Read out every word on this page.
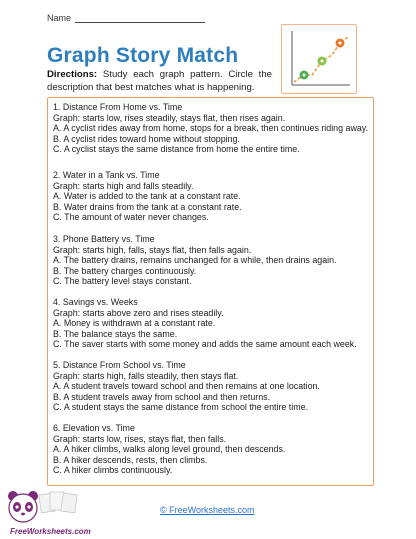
Name
Graph Story Match
Directions: Study each graph pattern. Circle the description that best matches what is happening.
1. Distance From Home vs. Time
Graph: starts low, rises steadily, stays flat, then rises again.
A. A cyclist rides away from home, stops for a break, then continues riding away.
B. A cyclist rides toward home without stopping.
C. A cyclist stays the same distance from home the entire time.
2. Water in a Tank vs. Time
Graph: starts high and falls steadily.
A. Water is added to the tank at a constant rate.
B. Water drains from the tank at a constant rate.
C. The amount of water never changes.
3. Phone Battery vs. Time
Graph: starts high, falls, stays flat, then falls again.
A. The battery drains, remains unchanged for a while, then drains again.
B. The battery charges continuously.
C. The battery level stays constant.
4. Savings vs. Weeks
Graph: starts above zero and rises steadily.
A. Money is withdrawn at a constant rate.
B. The balance stays the same.
C. The saver starts with some money and adds the same amount each week.
5. Distance From School vs. Time
Graph: starts high, falls steadily, then stays flat.
A. A student travels toward school and then remains at one location.
B. A student travels away from school and then returns.
C. A student stays the same distance from school the entire time.
6. Elevation vs. Time
Graph: starts low, rises, stays flat, then falls.
A. A hiker climbs, walks along level ground, then descends.
B. A hiker descends, rests, then climbs.
C. A hiker climbs continuously.
FreeWorksheets.com
© FreeWorksheets.com
